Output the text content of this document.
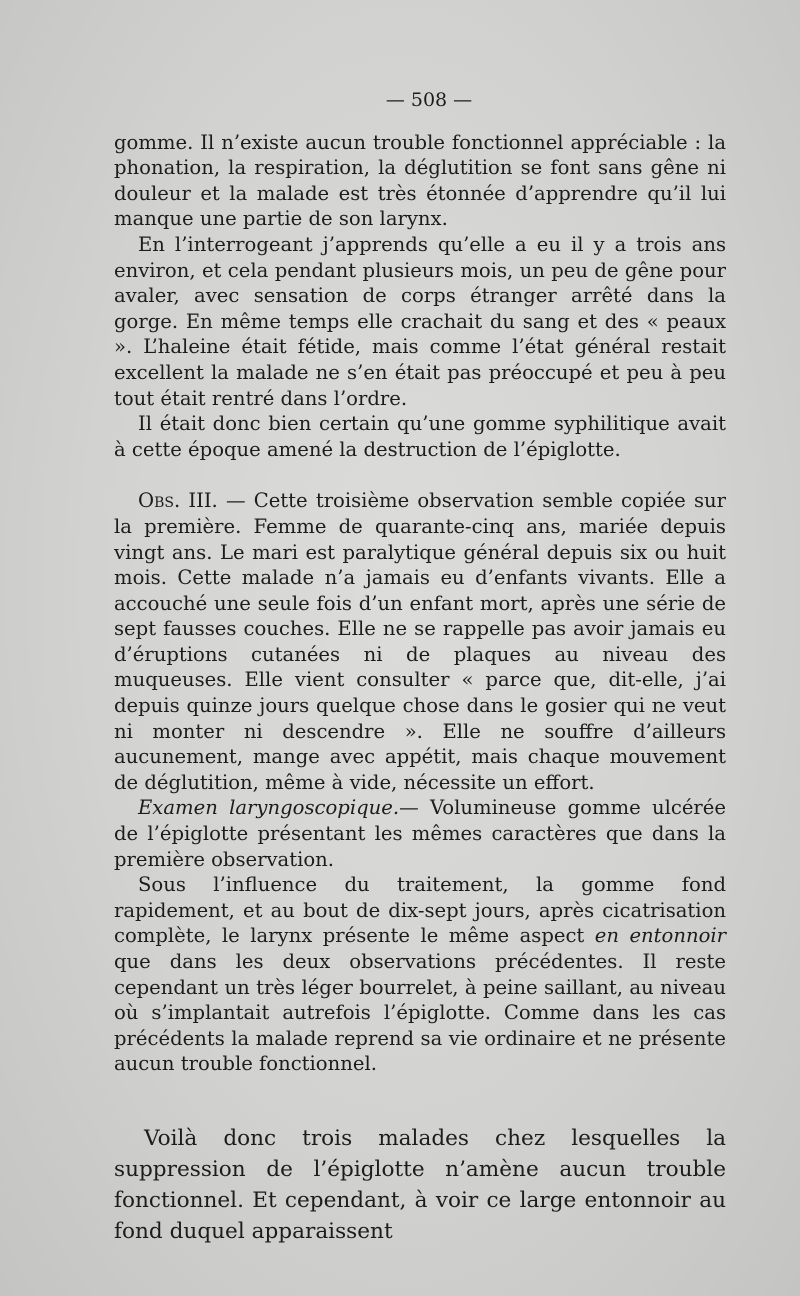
— 508 —

gomme. Il n’existe aucun trouble fonctionnel appréciable : la phonation, la respiration, la déglutition se font sans gêne ni douleur et la malade est très étonnée d’apprendre qu’il lui manque une partie de son larynx.

En l’interrogeant j’apprends qu’elle a eu il y a trois ans environ, et cela pendant plusieurs mois, un peu de gêne pour avaler, avec sensation de corps étranger arrêté dans la gorge. En même temps elle crachait du sang et des « peaux ». L’haleine était fétide, mais comme l’état général restait excellent la malade ne s’en était pas préoccupé et peu à peu tout était rentré dans l’ordre.

Il était donc bien certain qu’une gomme syphilitique avait à cette époque amené la destruction de l’épiglotte.

Obs. III. — Cette troisième observation semble copiée sur la première. Femme de quarante-cinq ans, mariée depuis vingt ans. Le mari est paralytique général depuis six ou huit mois. Cette malade n’a jamais eu d’enfants vivants. Elle a accouché une seule fois d’un enfant mort, après une série de sept fausses couches. Elle ne se rappelle pas avoir jamais eu d’éruptions cutanées ni de plaques au niveau des muqueuses. Elle vient consulter « parce que, dit-elle, j’ai depuis quinze jours quelque chose dans le gosier qui ne veut ni monter ni descendre ». Elle ne souffre d’ailleurs aucunement, mange avec appétit, mais chaque mouvement de déglutition, même à vide, nécessite un effort.

Examen laryngoscopique.— Volumineuse gomme ulcérée de l’épiglotte présentant les mêmes caractères que dans la première observation.

Sous l’influence du traitement, la gomme fond rapidement, et au bout de dix-sept jours, après cicatrisation complète, le larynx présente le même aspect en entonnoir que dans les deux observations précédentes. Il reste cependant un très léger bourrelet, à peine saillant, au niveau où s’implantait autrefois l’épiglotte. Comme dans les cas précédents la malade reprend sa vie ordinaire et ne présente aucun trouble fonctionnel.

Voilà donc trois malades chez lesquelles la suppression de l’épiglotte n’amène aucun trouble fonctionnel. Et cependant, à voir ce large entonnoir au fond duquel apparaissent
